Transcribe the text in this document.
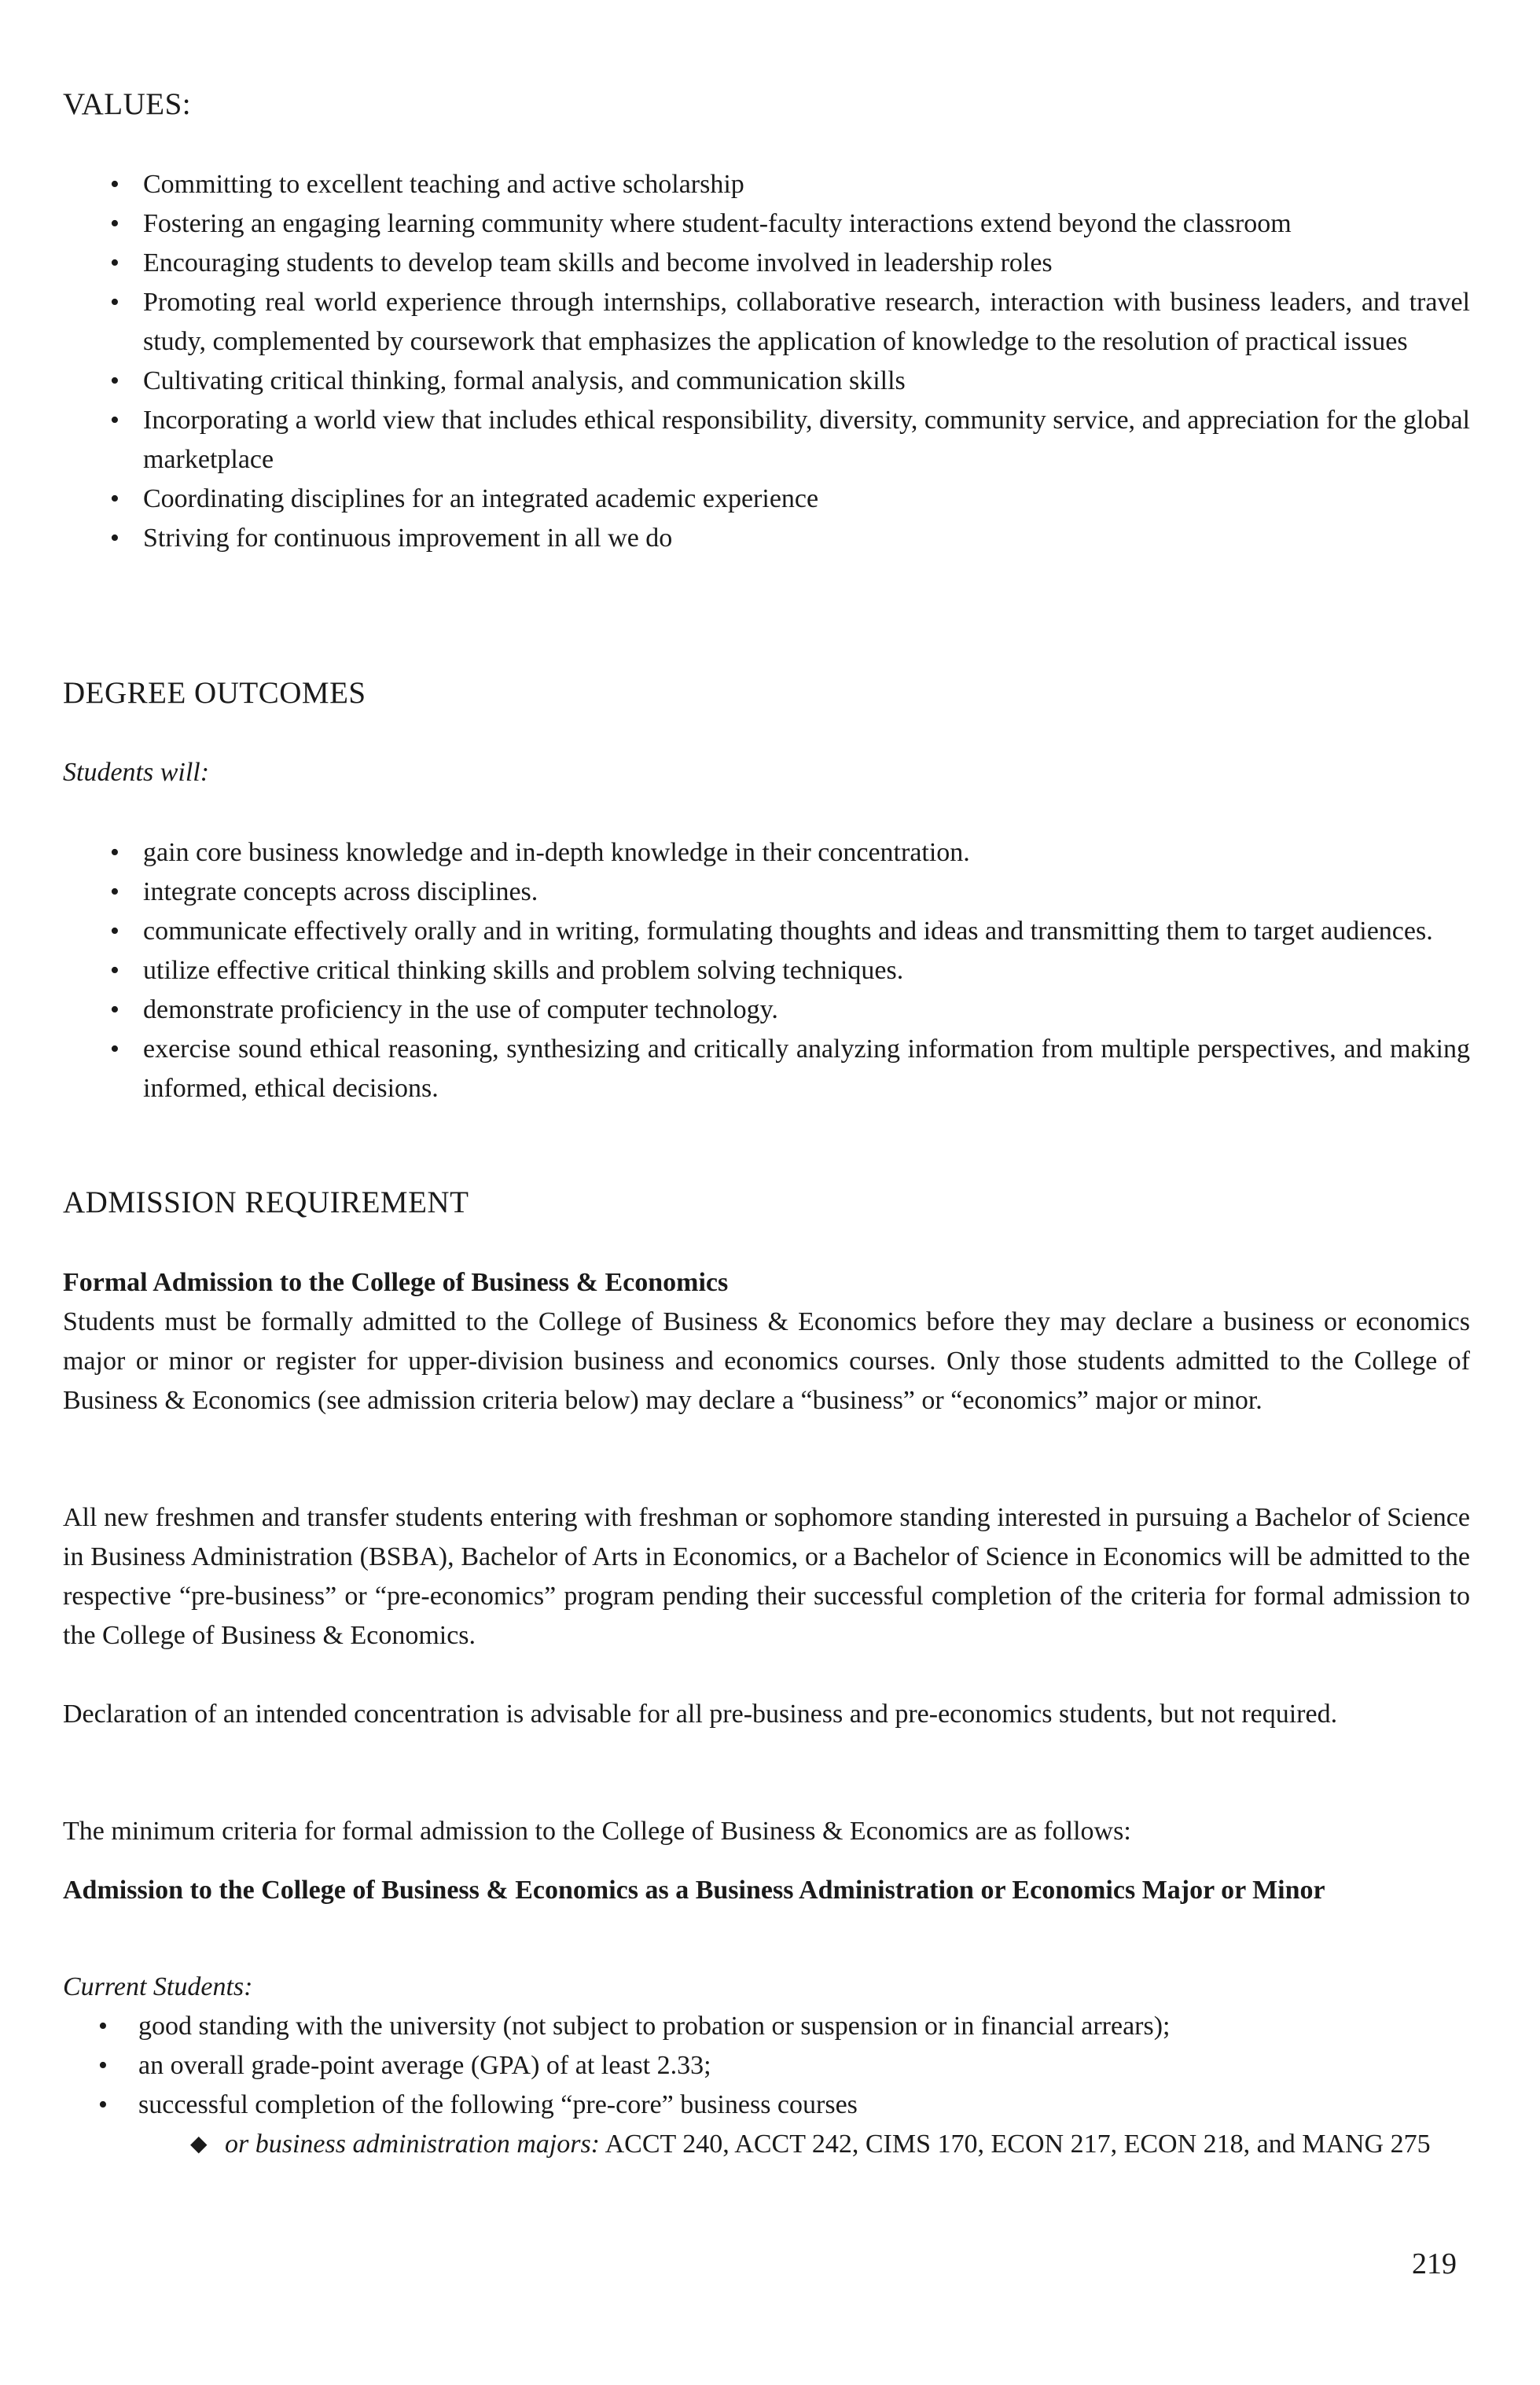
VALUES:
• Committing to excellent teaching and active scholarship
• Fostering an engaging learning community where student-faculty interactions extend beyond the classroom
• Encouraging students to develop team skills and become involved in leadership roles
• Promoting real world experience through internships, collaborative research, interaction with business leaders, and travel study, complemented by coursework that emphasizes the application of knowledge to the resolution of practical issues
• Cultivating critical thinking, formal analysis, and communication skills
• Incorporating a world view that includes ethical responsibility, diversity, community service, and appreciation for the global marketplace
• Coordinating disciplines for an integrated academic experience
• Striving for continuous improvement in all we do
DEGREE OUTCOMES
Students will:
• gain core business knowledge and in-depth knowledge in their concentration.
• integrate concepts across disciplines.
• communicate effectively orally and in writing, formulating thoughts and ideas and transmitting them to target audiences.
• utilize effective critical thinking skills and problem solving techniques.
• demonstrate proficiency in the use of computer technology.
• exercise sound ethical reasoning, synthesizing and critically analyzing information from multiple perspectives, and making informed, ethical decisions.
ADMISSION REQUIREMENT
Formal Admission to the College of Business & Economics

Students must be formally admitted to the College of Business & Economics before they may declare a business or economics major or minor or register for upper-division business and economics courses. Only those students admitted to the College of Business & Economics (see admission criteria below) may declare a “business” or “economics” major or minor.

All new freshmen and transfer students entering with freshman or sophomore standing interested in pursuing a Bachelor of Science in Business Administration (BSBA), Bachelor of Arts in Economics, or a Bachelor of Science in Economics will be admitted to the respective “pre-business” or “pre-economics” program pending their successful completion of the criteria for formal admission to the College of Business & Economics.

Declaration of an intended concentration is advisable for all pre-business and pre-economics students, but not required.

The minimum criteria for formal admission to the College of Business & Economics are as follows:

Admission to the College of Business & Economics as a Business Administration or Economics Major or Minor
Current Students:
• good standing with the university (not subject to probation or suspension or in financial arrears);
• an overall grade-point average (GPA) of at least 2.33;
• successful completion of the following “pre-core” business courses
◆ or business administration majors: ACCT 240, ACCT 242, CIMS 170, ECON 217, ECON 218, and MANG 275
219
